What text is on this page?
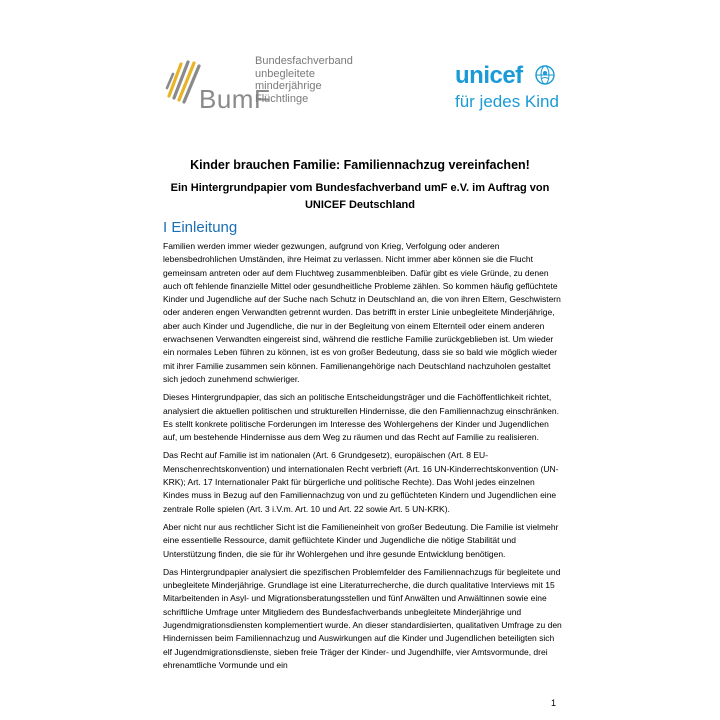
BumF
Bundesfachverband
unbegleitete
minderjährige
Flüchtlinge
unicef
für jedes Kind
Kinder brauchen Familie: Familiennachzug vereinfachen!
Ein Hintergrundpapier vom Bundesfachverband umF e.V. im Auftrag von
UNICEF Deutschland
I Einleitung

Familien werden immer wieder gezwungen, aufgrund von Krieg, Verfolgung oder anderen lebensbedrohlichen Umständen, ihre Heimat zu verlassen. Nicht immer aber können sie die Flucht gemeinsam antreten oder auf dem Fluchtweg zusammenbleiben. Dafür gibt es viele Gründe, zu denen auch oft fehlende finanzielle Mittel oder gesundheitliche Probleme zählen. So kommen häufig geflüchtete Kinder und Jugendliche auf der Suche nach Schutz in Deutschland an, die von ihren Eltern, Geschwistern oder anderen engen Verwandten getrennt wurden. Das betrifft in erster Linie unbegleitete Minderjährige, aber auch Kinder und Jugendliche, die nur in der Begleitung von einem Elternteil oder einem anderen erwachsenen Verwandten eingereist sind, während die restliche Familie zurückgeblieben ist. Um wieder ein normales Leben führen zu können, ist es von großer Bedeutung, dass sie so bald wie möglich wieder mit ihrer Familie zusammen sein können. Familienangehörige nach Deutschland nachzuholen gestaltet sich jedoch zunehmend schwieriger.

Dieses Hintergrundpapier, das sich an politische Entscheidungsträger und die Fachöffentlichkeit richtet, analysiert die aktuellen politischen und strukturellen Hindernisse, die den Familiennachzug einschränken. Es stellt konkrete politische Forderungen im Interesse des Wohlergehens der Kinder und Jugendlichen auf, um bestehende Hindernisse aus dem Weg zu räumen und das Recht auf Familie zu realisieren.

Das Recht auf Familie ist im nationalen (Art. 6 Grundgesetz), europäischen (Art. 8 EU-Menschenrechtskonvention) und internationalen Recht verbrieft (Art. 16 UN-Kinderrechtskonvention (UN-KRK); Art. 17 Internationaler Pakt für bürgerliche und politische Rechte). Das Wohl jedes einzelnen Kindes muss in Bezug auf den Familiennachzug von und zu geflüchteten Kindern und Jugendlichen eine zentrale Rolle spielen (Art. 3 i.V.m. Art. 10 und Art. 22 sowie Art. 5 UN-KRK).

Aber nicht nur aus rechtlicher Sicht ist die Familieneinheit von großer Bedeutung. Die Familie ist vielmehr eine essentielle Ressource, damit geflüchtete Kinder und Jugendliche die nötige Stabilität und Unterstützung finden, die sie für ihr Wohlergehen und ihre gesunde Entwicklung benötigen.

Das Hintergrundpapier analysiert die spezifischen Problemfelder des Familiennachzugs für begleitete und unbegleitete Minderjährige. Grundlage ist eine Literaturrecherche, die durch qualitative Interviews mit 15 Mitarbeitenden in Asyl- und Migrationsberatungsstellen und fünf Anwälten und Anwältinnen sowie eine schriftliche Umfrage unter Mitgliedern des Bundesfachverbands unbegleitete Minderjährige und Jugendmigrationsdiensten komplementiert wurde. An dieser standardisierten, qualitativen Umfrage zu den Hindernissen beim Familiennachzug und Auswirkungen auf die Kinder und Jugendlichen beteiligten sich elf Jugendmigrationsdienste, sieben freie Träger der Kinder- und Jugendhilfe, vier Amtsvormunde, drei ehrenamtliche Vormunde und ein

1
